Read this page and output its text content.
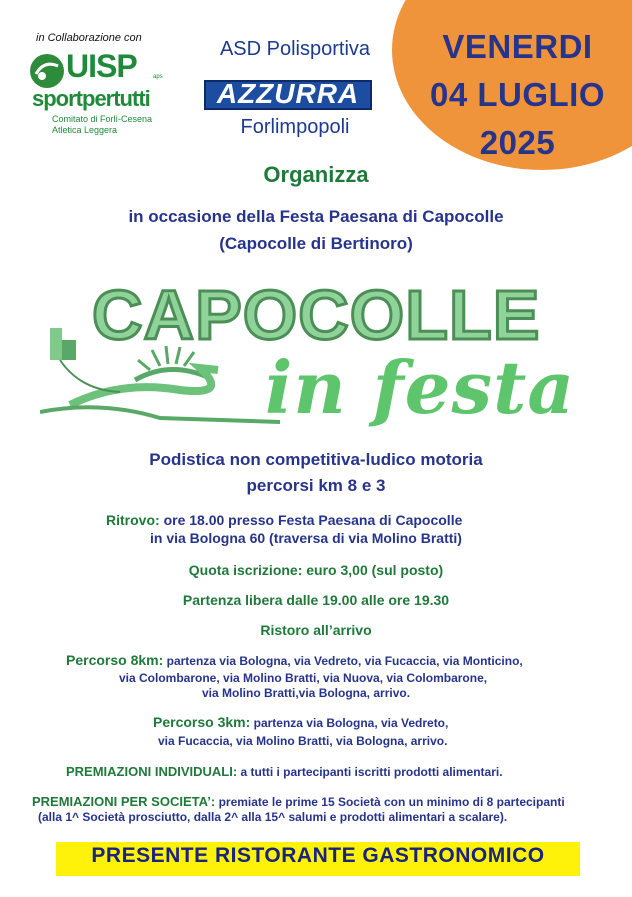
VENERDI
04 LUGLIO
2025
in Collaborazione con
UISP	aps
sportpertutti
Comitato di Forlì-Cesena
Atletica Leggera
ASD Polisportiva
AZZURRA
Forlimpopoli
Organizza
in occasione della Festa Paesana di Capocolle
(Capocolle di Bertinoro)
CAPOCOLLE
in festa
Podistica non competitiva-ludico motoria
percorsi km 8 e 3
Ritrovo: ore 18.00 presso Festa Paesana di Capocolle
in via Bologna 60 (traversa di via Molino Bratti)
Quota iscrizione: euro 3,00 (sul posto)
Partenza libera dalle 19.00 alle ore 19.30
Ristoro all’arrivo
Percorso 8km: partenza via Bologna, via Vedreto, via Fucaccia, via Monticino,
via Colombarone, via Molino Bratti, via Nuova, via Colombarone,
via Molino Bratti,via Bologna, arrivo.
Percorso 3km: partenza via Bologna, via Vedreto,
via Fucaccia, via Molino Bratti, via Bologna, arrivo.
PREMIAZIONI INDIVIDUALI: a tutti i partecipanti iscritti prodotti alimentari.
PREMIAZIONI PER SOCIETA’: premiate le prime 15 Società con un minimo di 8 partecipanti
(alla 1^ Società prosciutto, dalla 2^ alla 15^ salumi e prodotti alimentari a scalare).
PRESENTE RISTORANTE GASTRONOMICO
